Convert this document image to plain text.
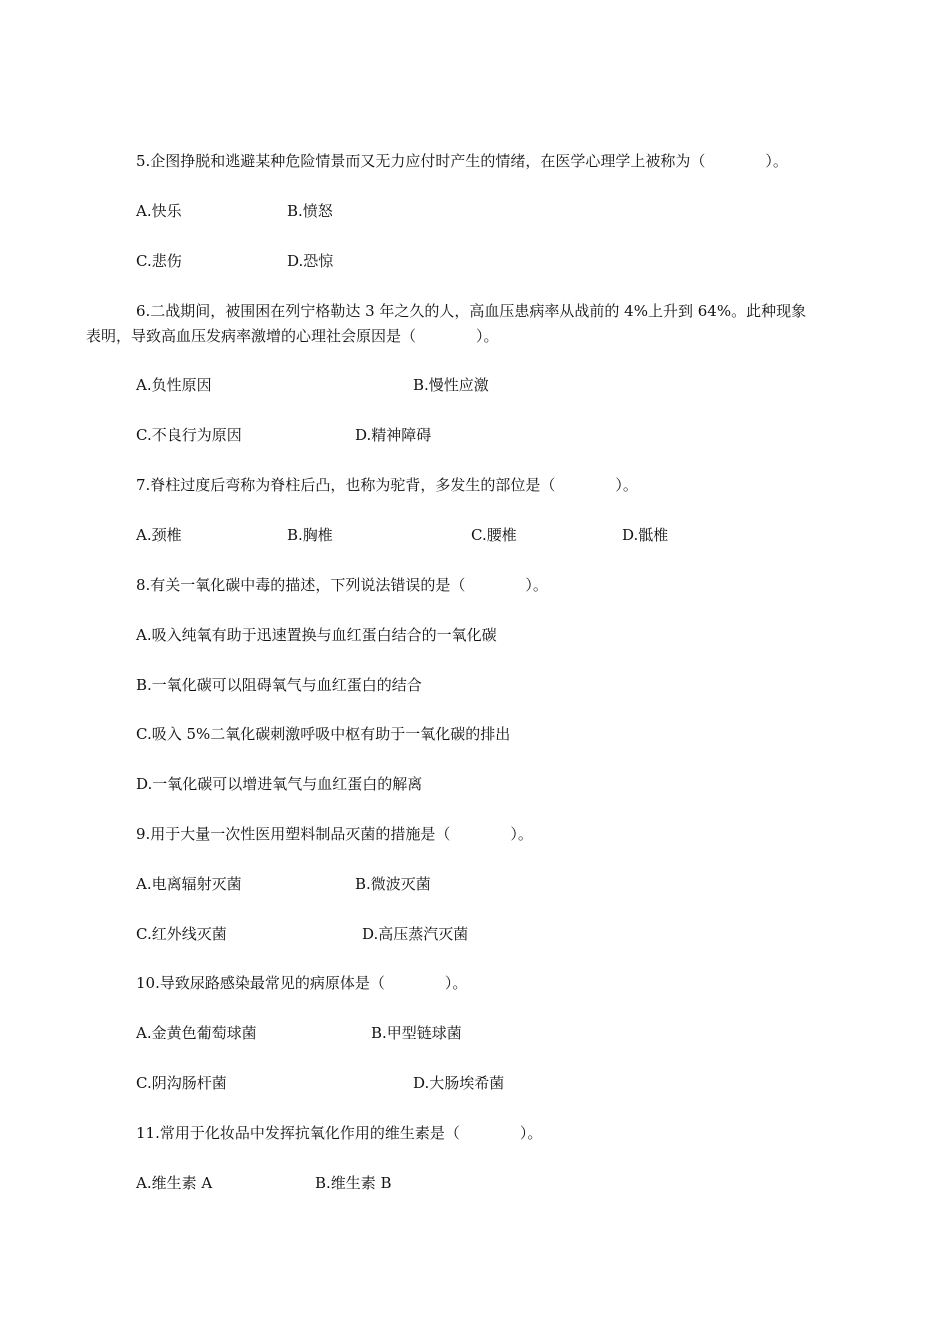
5.企图挣脱和逃避某种危险情景而又无力应付时产生的情绪，在医学心理学上被称为（　　　　）。
A.快乐	B.愤怒
C.悲伤	D.恐惊
6.二战期间，被围困在列宁格勒达 3 年之久的人，高血压患病率从战前的 4%上升到 64%。此种现象
表明，导致高血压发病率激增的心理社会原因是（　　　　）。
A.负性原因	B.慢性应激
C.不良行为原因	D.精神障碍
7.脊柱过度后弯称为脊柱后凸，也称为驼背，多发生的部位是（　　　　）。
A.颈椎	B.胸椎	C.腰椎	D.骶椎
8.有关一氧化碳中毒的描述，下列说法错误的是（　　　　）。
A.吸入纯氧有助于迅速置换与血红蛋白结合的一氧化碳
B.一氧化碳可以阻碍氧气与血红蛋白的结合
C.吸入 5%二氧化碳刺激呼吸中枢有助于一氧化碳的排出
D.一氧化碳可以增进氧气与血红蛋白的解离
9.用于大量一次性医用塑料制品灭菌的措施是（　　　　）。
A.电离辐射灭菌	B.微波灭菌
C.红外线灭菌	D.高压蒸汽灭菌
10.导致尿路感染最常见的病原体是（　　　　）。
A.金黄色葡萄球菌	B.甲型链球菌
C.阴沟肠杆菌	D.大肠埃希菌
11.常用于化妆品中发挥抗氧化作用的维生素是（　　　　）。
A.维生素 A	B.维生素 B
